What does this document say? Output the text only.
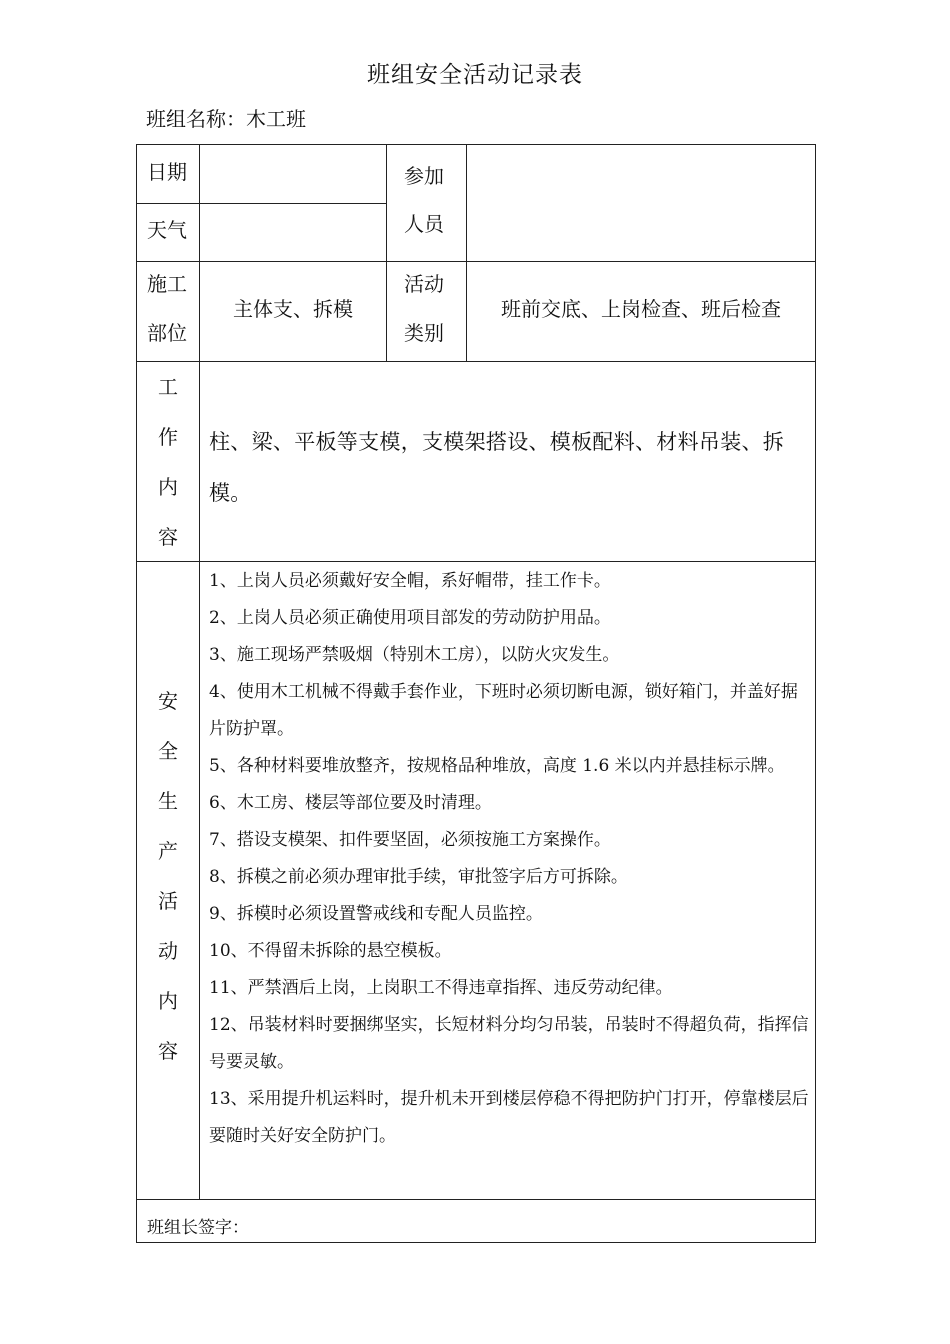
班组安全活动记录表
班组名称：木工班
日期
天气
参加
人员
施工
部位
主体支、拆模
活动
类别
班前交底、上岗检查、班后检查
工
作
内
容
柱、梁、平板等支模，支模架搭设、模板配料、材料吊装、拆模。
安
全
生
产
活
动
内
容

1、上岗人员必须戴好安全帽，系好帽带，挂工作卡。

2、上岗人员必须正确使用项目部发的劳动防护用品。

3、施工现场严禁吸烟（特别木工房），以防火灾发生。

4、使用木工机械不得戴手套作业，下班时必须切断电源，锁好箱门，并盖好据片防护罩。

5、各种材料要堆放整齐，按规格品种堆放，高度 1.6 米以内并悬挂标示牌。

6、木工房、楼层等部位要及时清理。

7、搭设支模架、扣件要坚固，必须按施工方案操作。

8、拆模之前必须办理审批手续，审批签字后方可拆除。

9、拆模时必须设置警戒线和专配人员监控。

10、不得留未拆除的悬空模板。

11、严禁酒后上岗，上岗职工不得违章指挥、违反劳动纪律。

12、吊装材料时要捆绑坚实，长短材料分均匀吊装，吊装时不得超负荷，指挥信号要灵敏。

13、采用提升机运料时，提升机未开到楼层停稳不得把防护门打开，停靠楼层后要随时关好安全防护门。

班组长签字：
